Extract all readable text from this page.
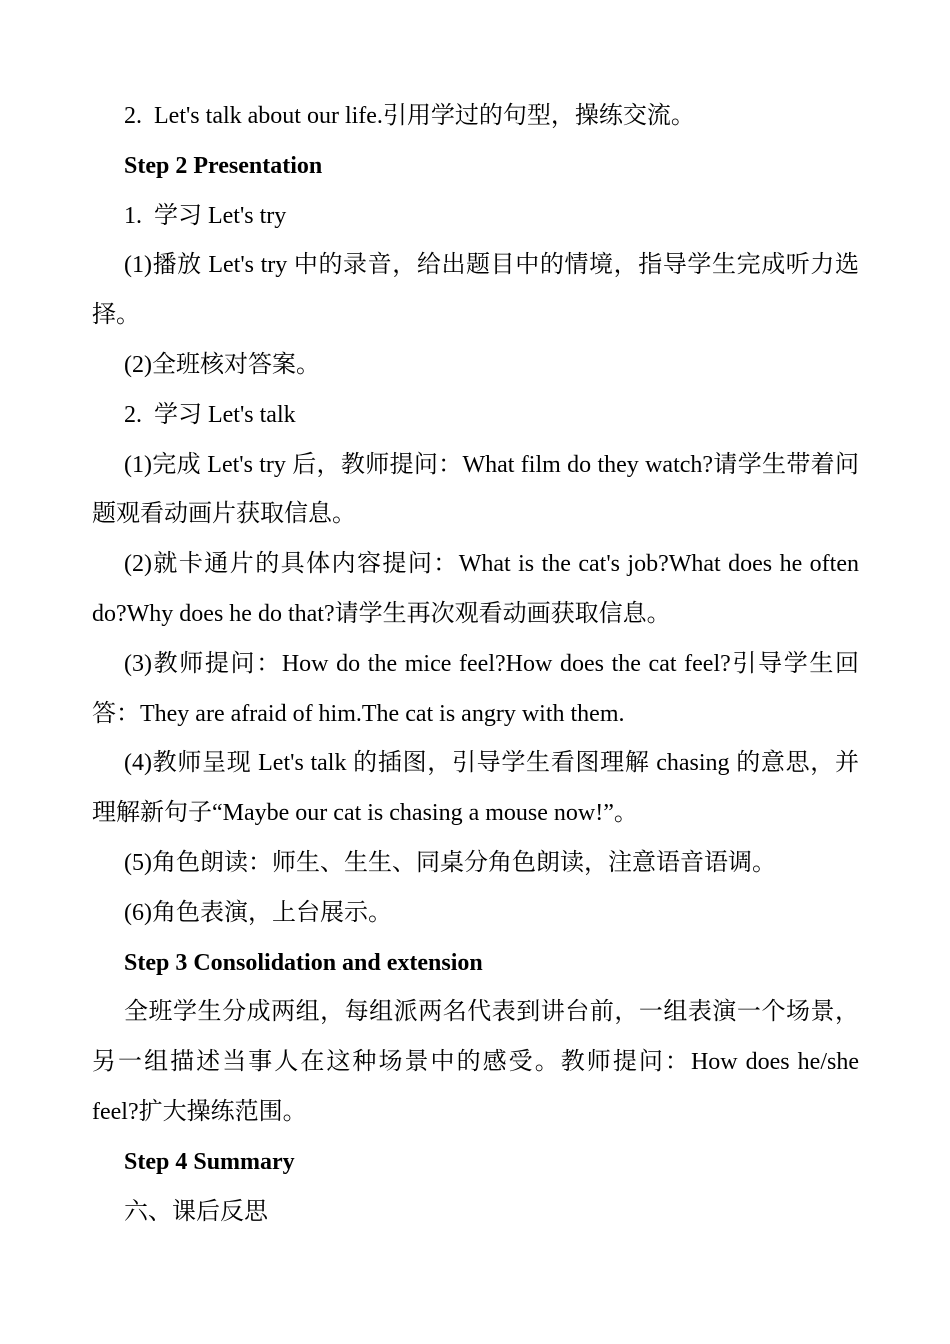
2.  Let's talk about our life.引用学过的句型，操练交流。

Step 2 Presentation

1.  学习 Let's try

(1)播放 Let's try 中的录音，给出题目中的情境，指导学生完成听力选择。

(2)全班核对答案。

2.  学习 Let's talk

(1)完成 Let's try 后，教师提问：What film do they watch?请学生带着问题观看动画片获取信息。

(2)就卡通片的具体内容提问：What is the cat's job?What does he often do?Why does he do that?请学生再次观看动画获取信息。

(3)教师提问：How do the mice feel?How does the cat feel?引导学生回答：They are afraid of him.The cat is angry with them.

(4)教师呈现 Let's talk 的插图，引导学生看图理解 chasing 的意思，并理解新句子“Maybe our cat is chasing a mouse now!”。

(5)角色朗读：师生、生生、同桌分角色朗读，注意语音语调。

(6)角色表演，上台展示。

Step 3 Consolidation and extension

全班学生分成两组，每组派两名代表到讲台前，一组表演一个场景，另一组描述当事人在这种场景中的感受。教师提问：How does he/she feel?扩大操练范围。

Step 4 Summary

六、课后反思
